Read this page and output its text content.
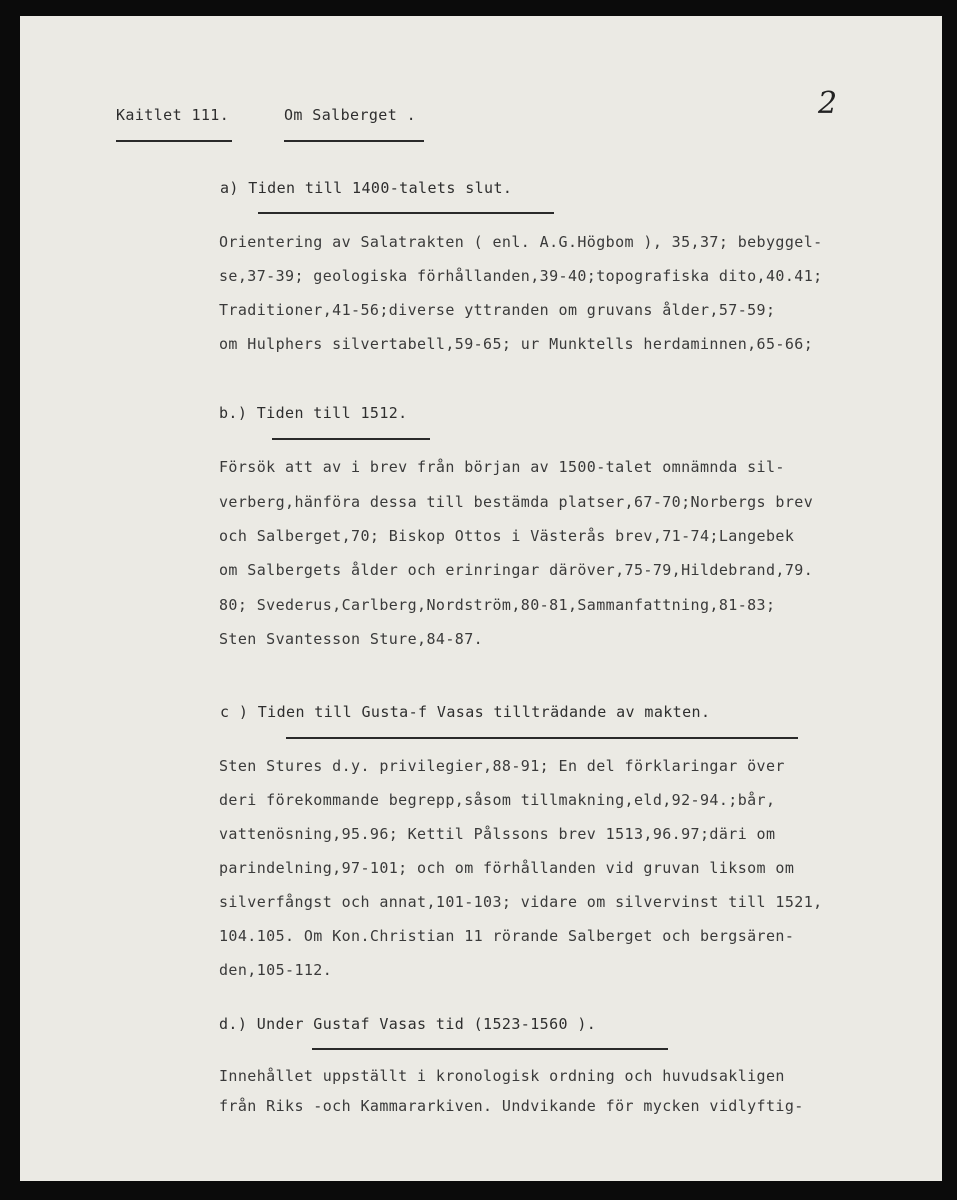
2
Kaitlet 111.	Om Salberget .
a) Tiden till 1400-talets slut.
Orientering av Salatrakten ( enl. A.G.Högbom ), 35,37; bebyggel-
se,37-39; geologiska förhållanden,39-40;topografiska dito,40.41;
Traditioner,41-56;diverse yttranden om gruvans ålder,57-59;
om Hulphers silvertabell,59-65; ur Munktells herdaminnen,65-66;
b.) Tiden till 1512.
Försök att av i brev från början av 1500-talet omnämnda sil-
verberg,hänföra dessa till bestämda platser,67-70;Norbergs brev
och Salberget,70; Biskop Ottos i Västerås brev,71-74;Langebek
om Salbergets ålder och erinringar däröver,75-79,Hildebrand,79.
80; Svederus,Carlberg,Nordström,80-81,Sammanfattning,81-83;
Sten Svantesson Sture,84-87.
c ) Tiden till Gusta-f Vasas tillträdande av makten.
Sten Stures d.y. privilegier,88-91; En del förklaringar över
deri förekommande begrepp,såsom tillmakning,eld,92-94.;bår,
vattenösning,95.96; Kettil Pålssons brev 1513,96.97;däri om
parindelning,97-101; och om förhållanden vid gruvan liksom om
silverfångst och annat,101-103; vidare om silvervinst till 1521,
104.105. Om Kon.Christian 11 rörande Salberget och bergsären-
den,105-112.
d.) Under Gustaf Vasas tid (1523-1560 ).
Innehållet uppställt i kronologisk ordning och huvudsakligen
från Riks -och Kammararkiven. Undvikande för mycken vidlyftig-
